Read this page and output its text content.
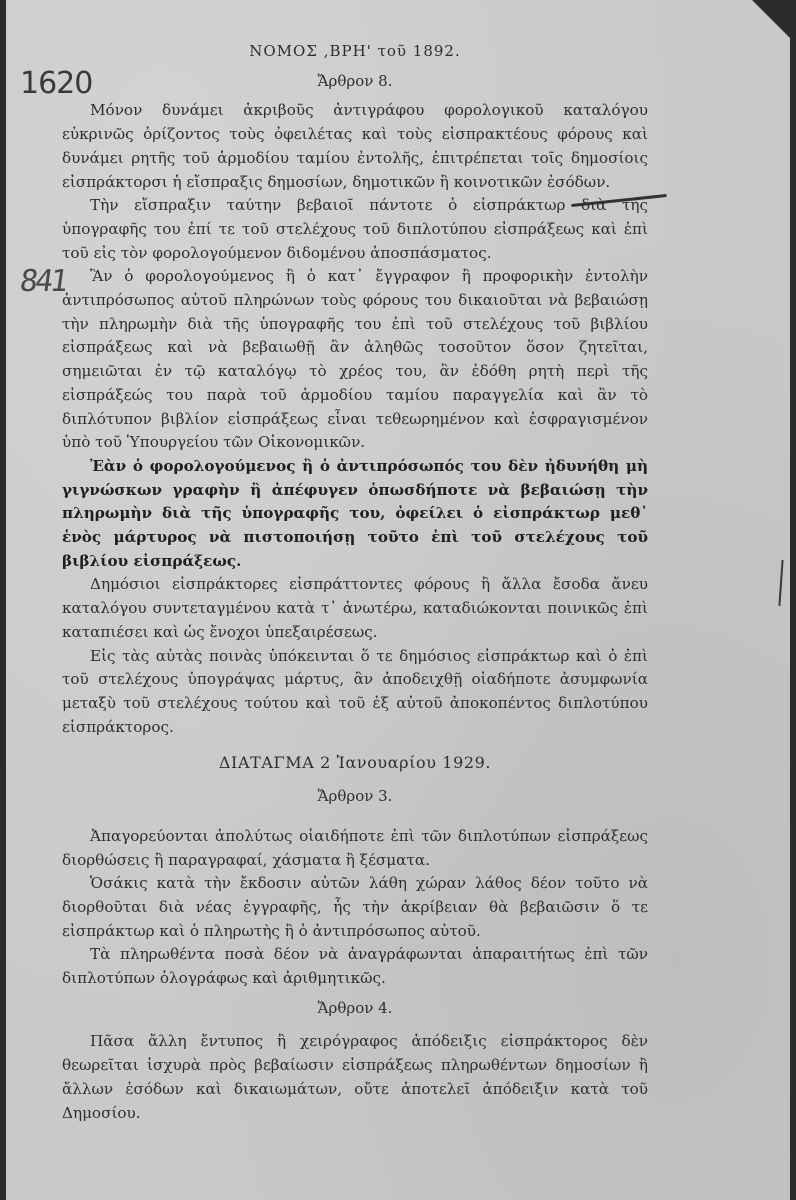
1620
841

ΝΟΜΟΣ ,ΒΡΗ' τοῦ 1892.

Ἄρθρον 8.

Μόνον δυνάμει ἀκριβοῦς ἀντιγράφου φορολογικοῦ καταλόγου εὐκρινῶς ὁρίζοντος τοὺς ὀφειλέτας καὶ τοὺς εἰσπρακτέους φόρους καὶ δυνάμει ρητῆς τοῦ ἁρμοδίου ταμίου ἐντολῆς, ἐπιτρέπεται τοῖς δημοσίοις εἰσπράκτορσι ἡ εἴσπραξις δημοσίων, δημοτικῶν ἢ κοινοτικῶν ἐσόδων.

Τὴν εἴσπραξιν ταύτην βεβαιοῖ πάντοτε ὁ εἰσπράκτωρ διὰ τῆς ὑπογραφῆς του ἐπί τε τοῦ στελέχους τοῦ διπλοτύπου εἰσπράξεως καὶ ἐπὶ τοῦ εἰς τὸν φορολογούμενον διδομένου ἀποσπάσματος.

Ἂν ὁ φορολογούμενος ἢ ὁ κατ᾽ ἔγγραφον ἢ προφορικὴν ἐντολὴν ἀντιπρόσωπος αὐτοῦ πληρώνων τοὺς φόρους του δικαιοῦται νὰ βεβαιώσῃ τὴν πληρωμὴν διὰ τῆς ὑπογραφῆς του ἐπὶ τοῦ στελέχους τοῦ βιβλίου εἰσπράξεως καὶ νὰ βεβαιωθῇ ἂν ἀληθῶς τοσοῦτον ὅσον ζητεῖται, σημειῶται ἐν τῷ καταλόγῳ τὸ χρέος του, ἂν ἐδόθη ρητὴ περὶ τῆς εἰσπράξεώς του παρὰ τοῦ ἁρμοδίου ταμίου παραγγελία καὶ ἂν τὸ διπλότυπον βιβλίον εἰσπράξεως εἶναι τεθεωρημένον καὶ ἐσφραγισμένον ὑπὸ τοῦ Ὑπουργείου τῶν Οἰκονομικῶν.

Ἐὰν ὁ φορολογούμενος ἢ ὁ ἀντιπρόσωπός του δὲν ἠδυνήθη μὴ γιγνώσκων γραφὴν ἢ ἀπέφυγεν ὁπωσδήποτε νὰ βεβαιώσῃ τὴν πληρωμὴν διὰ τῆς ὑπογραφῆς του, ὀφείλει ὁ εἰσπράκτωρ μεθ᾽ ἑνὸς μάρτυρος νὰ πιστοποιήσῃ τοῦτο ἐπὶ τοῦ στελέχους τοῦ βιβλίου εἰσπράξεως.

Δημόσιοι εἰσπράκτορες εἰσπράττοντες φόρους ἢ ἄλλα ἔσοδα ἄνευ καταλόγου συντεταγμένου κατὰ τ᾽ ἀνωτέρω, καταδιώκονται ποινικῶς ἐπὶ καταπιέσει καὶ ὡς ἔνοχοι ὑπεξαιρέσεως.

Εἰς τὰς αὐτὰς ποινὰς ὑπόκεινται ὅ τε δημόσιος εἰσπράκτωρ καὶ ὁ ἐπὶ τοῦ στελέχους ὑπογράψας μάρτυς, ἂν ἀποδειχθῇ οἱαδήποτε ἀσυμφωνία μεταξὺ τοῦ στελέχους τούτου καὶ τοῦ ἐξ αὐτοῦ ἀποκοπέντος διπλοτύπου εἰσπράκτορος.

ΔΙΑΤΑΓΜΑ 2 Ἰανουαρίου 1929.

Ἄρθρον 3.

Ἀπαγορεύονται ἀπολύτως οἱαιδήποτε ἐπὶ τῶν διπλοτύπων εἰσπράξεως διορθώσεις ἢ παραγραφαί, χάσματα ἢ ξέσματα.

Ὁσάκις κατὰ τὴν ἔκδοσιν αὐτῶν λάθη χώραν λάθος δέον τοῦτο νὰ διορθοῦται διὰ νέας ἐγγραφῆς, ἧς τὴν ἀκρίβειαν θὰ βεβαιῶσιν ὅ τε εἰσπράκτωρ καὶ ὁ πληρωτὴς ἢ ὁ ἀντιπρόσωπος αὐτοῦ.

Τὰ πληρωθέντα ποσὰ δέον νὰ ἀναγράφωνται ἀπαραιτήτως ἐπὶ τῶν διπλοτύπων ὁλογράφως καὶ ἀριθμητικῶς.

Ἄρθρον 4.

Πᾶσα ἄλλη ἔντυπος ἢ χειρόγραφος ἀπόδειξις εἰσπράκτορος δὲν θεωρεῖται ἰσχυρὰ πρὸς βεβαίωσιν εἰσπράξεως πληρωθέντων δημοσίων ἢ ἄλλων ἐσόδων καὶ δικαιωμάτων, οὔτε ἀποτελεῖ ἀπόδειξιν κατὰ τοῦ Δημοσίου.
